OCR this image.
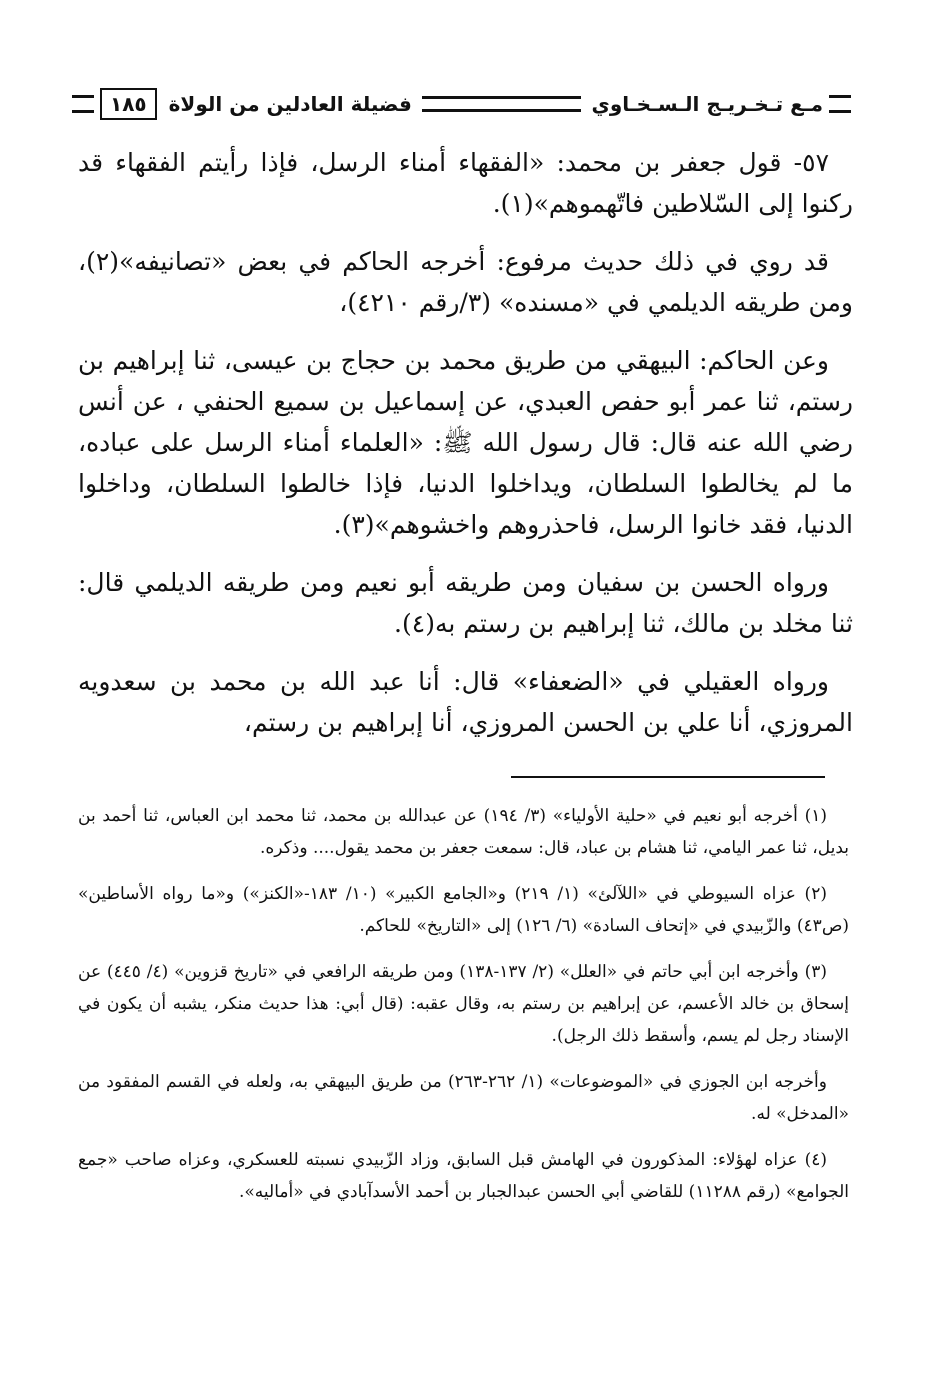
مـع تـخـريـج الـسـخـاوي
فضيلة العادلين من الولاة
١٨٥

٥٧- قول جعفر بن محمد: «الفقهاء أمناء الرسل، فإذا رأيتم الفقهاء قد ركنوا إلى السّلاطين فاتّهموهم»(١).

قد روي في ذلك حديث مرفوع: أخرجه الحاكم في بعض «تصانيفه»(٢)، ومن طريقه الديلمي في «مسنده» (٣/رقم ٤٢١٠)،

وعن الحاكم: البيهقي من طريق محمد بن حجاج بن عيسى، ثنا إبراهيم بن رستم، ثنا عمر أبو حفص العبدي، عن إسماعيل بن سميع الحنفي ، عن أنس رضي الله عنه قال: قال رسول الله ﷺ: «العلماء أمناء الرسل على عباده، ما لم يخالطوا السلطان، ويداخلوا الدنيا، فإذا خالطوا السلطان، وداخلوا الدنيا، فقد خانوا الرسل، فاحذروهم واخشوهم»(٣).

ورواه الحسن بن سفيان ومن طريقه أبو نعيم ومن طريقه الديلمي قال: ثنا مخلد بن مالك، ثنا إبراهيم بن رستم به(٤).

ورواه العقيلي في «الضعفاء» قال: أنا عبد الله بن محمد بن سعدويه المروزي، أنا علي بن الحسن المروزي، أنا إبراهيم بن رستم،

(١) أخرجه أبو نعيم في «حلية الأولياء» (٣/ ١٩٤) عن عبدالله بن محمد، ثنا محمد ابن العباس، ثنا أحمد بن بديل، ثنا عمر اليامي، ثنا هشام بن عباد، قال: سمعت جعفر بن محمد يقول.... وذكره.

(٢) عزاه السيوطي في «اللآلئ» (١/ ٢١٩) و«الجامع الكبير» (١٠/ ١٨٣-«الكنز») و«ما رواه الأساطين» (ص٤٣) والزّبيدي في «إتحاف السادة» (٦/ ١٢٦) إلى «التاريخ» للحاكم.

(٣) وأخرجه ابن أبي حاتم في «العلل» (٢/ ١٣٧-١٣٨) ومن طريقه الرافعي في «تاريخ قزوين» (٤/ ٤٤٥) عن إسحاق بن خالد الأعسم، عن إبراهيم بن رستم به، وقال عقبه: (قال أبي: هذا حديث منكر، يشبه أن يكون في الإسناد رجل لم يسم، وأسقط ذلك الرجل).

وأخرجه ابن الجوزي في «الموضوعات» (١/ ٢٦٢-٢٦٣) من طريق البيهقي به، ولعله في القسم المفقود من «المدخل» له.

(٤) عزاه لهؤلاء: المذكورون في الهامش قبل السابق، وزاد الزّبيدي نسبته للعسكري، وعزاه صاحب «جمع الجوامع» (رقم ١١٢٨٨) للقاضي أبي الحسن عبدالجبار بن أحمد الأسدآبادي في «أماليه».
